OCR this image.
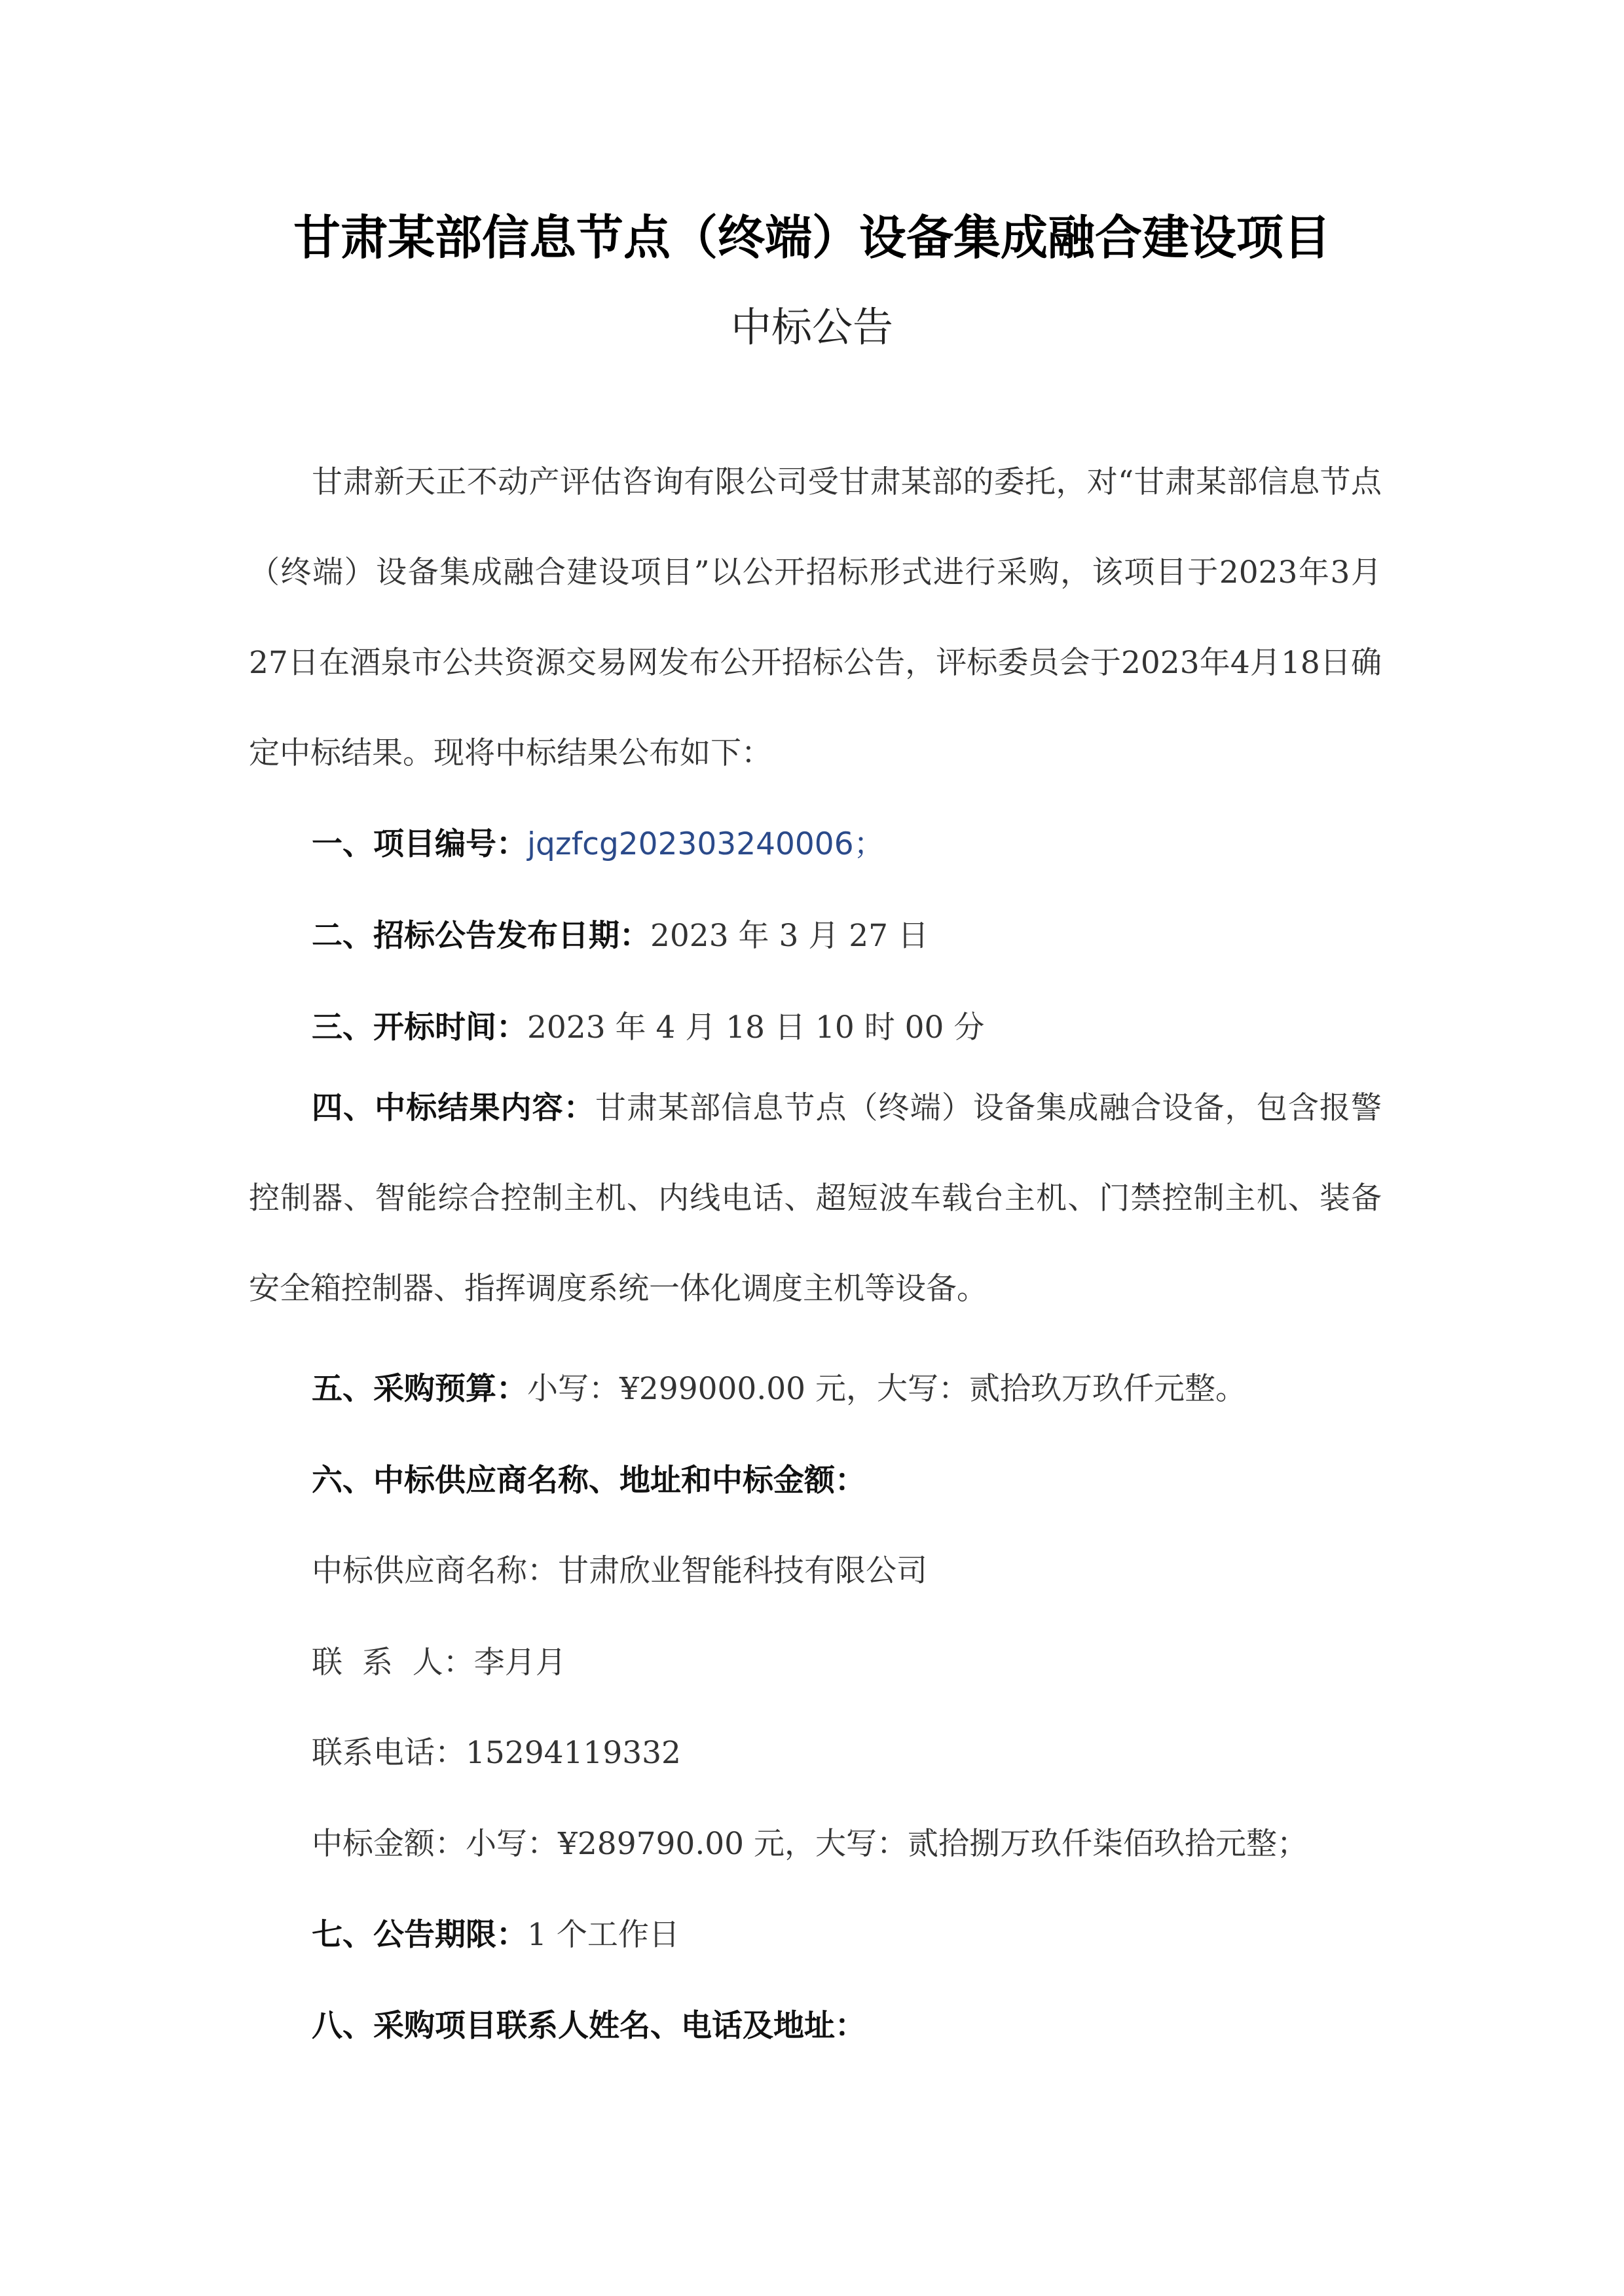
甘肃某部信息节点（终端）设备集成融合建设项目
中标公告
甘肃新天正不动产评估咨询有限公司受甘肃某部的委托，对“甘肃某部信息节点（终端）设备集成融合建设项目”以公开招标形式进行采购，该项目于2023年3月27日在酒泉市公共资源交易网发布公开招标公告，评标委员会于2023年4月18日确定中标结果。现将中标结果公布如下：
一、项目编号：jqzfcg202303240006；
二、招标公告发布日期：2023 年 3 月 27 日
三、开标时间：2023 年 4 月 18 日 10 时 00 分
四、中标结果内容：甘肃某部信息节点（终端）设备集成融合设备，包含报警控制器、智能综合控制主机、内线电话、超短波车载台主机、门禁控制主机、装备安全箱控制器、指挥调度系统一体化调度主机等设备。
五、采购预算：小写：¥299000.00 元，大写：贰拾玖万玖仟元整。
六、中标供应商名称、地址和中标金额：
中标供应商名称：甘肃欣业智能科技有限公司
联  系  人：李月月
联系电话：15294119332
中标金额：小写：¥289790.00 元，大写：贰拾捌万玖仟柒佰玖拾元整；
七、公告期限：1 个工作日
八、采购项目联系人姓名、电话及地址：
